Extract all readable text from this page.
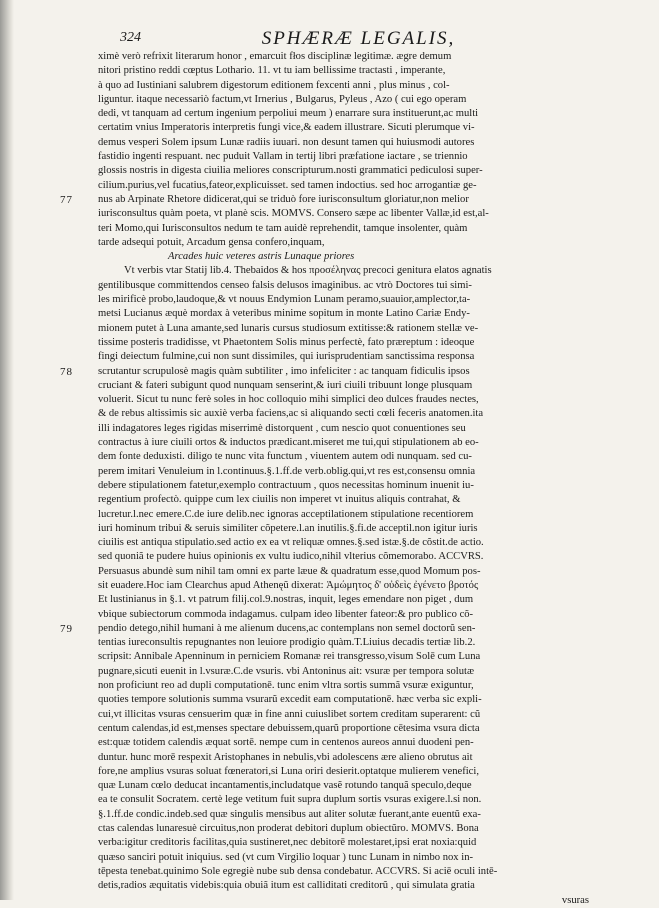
324	SPHÆRÆ LEGALIS,
ximè verò refrixit literarum honor , emarcuit fłos disciplinæ legitimæ. ægre demum
nitori pristino reddi cœptus Lothario. 11. vt tu iam bellissime tractasti , imperante,
à quo ad Iustiniani salubrem digestorum editionem fexcenti anni , plus minus , col-
liguntur. itaque necessariò factum,vt Irnerius , Bulgarus, Pyleus , Azo ( cui ego operam
dedi, vt tanquam ad certum ingenium perpoliui meum ) enarrare sura instituerunt,ac multi
certatim vnius Imperatoris interpretis fungi vice,& eadem illustrare. Sicuti plerumque vi-
demus vesperi Solem ipsum Lunæ radiis iuuari. non desunt tamen qui huiusmodi autores
fastidio ingenti respuant. nec puduit Vallam in tertij libri præfatione iactare , se triennio
glossis nostris in digesta ciuilia meliores conscripturum.nosti grammatici pediculosi super-
cilium.purius,vel fucatius,fateor,explicuisset. sed tamen indoctius. sed hoc arrogantiæ ge-
nus ab Arpinate Rhetore didicerat,qui se triduò fore iurisconsultum gloriatur,non melior
77
iurisconsultus quàm poeta, vt planè scis. MOMVS. Consero sæpe ac libenter Vallæ,id est,al-
teri Momo,qui Iurisconsultos nedum te tam auidè reprehendit, tamque insolenter, quàm
tarde adsequi potuit, Arcadum gensa confero,inquam,
Arcades huic veteres astris Lunaque priores
Vt verbis vtar Statij lib.4. Thebaidos & hos προσέληνας precoci genitura elatos agnatis
gentilibusque committendos censeo falsis delusos imaginibus. ac vtrò Doctores tui simi-
les mirificè probo,laudoque,& vt nouus Endymion Lunam peramo,suauior,amplector,ta-
metsi Lucianus æquè mordax à veteribus minime sopitum in monte Latino Cariæ Endy-
mionem putet à Luna amante,sed lunaris cursus studiosum extitisse:& rationem stellæ ve-
tissime posteris tradidisse, vt Phaetontem Solis minus perfectè, fato præreptum : ideoque
fingi deiectum fulmine,cui non sunt dissimiles, qui iurisprudentiam sanctissima responsa
scrutantur scrupulosè magis quàm subtiliter , imo infeliciter : ac tanquam fidiculis ipsos
78
cruciant & fateri subigunt quod nunquam senserint,& iuri ciuili tribuunt longe plusquam
voluerit. Sicut tu nunc ferè soles in hoc colloquio mihi simplici deo dulces fraudes nectes,
& de rebus altissimis sic auxiè verba faciens,ac si aliquando secti cœli feceris anatomen.ita
illi indagatores leges rigidas miserrimè distorquent , cum nescio quot conuentiones seu
contractus à iure ciuili ortos & inductos prædicant.miseret me tui,qui stipulationem ab eo-
dem fonte deduxisti. diligo te nunc vita functum , viuentem autem odi nunquam. sed cu-
perem imitari Venuleium in l.continuus.§.1.ff.de verb.oblig.qui,vt res est,consensu omnia
debere stipulationem fatetur,exemplo contractuum , quos necessitas hominum inuenit iu-
regentium profectò. quippe cum lex ciuilis non imperet vt inuitus aliquis contrahat, &
lucretur.l.nec emere.C.de iure delib.nec ignoras acceptilationem stipulatione recentiorem
iuri hominum tribui & seruis similiter cõpetere.l.an inutilis.§.fi.de acceptil.non igitur iuris
ciuilis est antiqua stipulatio.sed actio ex ea vt reliquæ omnes.§.sed istæ.§.de cõstit.de actio.
sed quoniã te pudere huius opinionis ex vultu iudico,nihil vlterius cõmemorabo. ACCVRS.
Persuasus abundè sum nihil tam omni ex parte læue & quadratum esse,quod Momum pos-
sit euadere.Hoc iam Clearchus apud Athenęũ dixerat: Ἀμώμητος δ' οὐδεὶς ἐγένετο βροτός
Et lustinianus in §.1. vt patrum filij.col.9.nostras, inquit, leges emendare non piget , dum
vbique subiectorum commoda indagamus. culpam ideo libenter fateor:& pro publico cõ-
pendio detego,nihil humani à me alienum ducens,ac contemplans non semel doctorũ sen-
79
tentias iureconsultis repugnantes non leuiore prodigio quàm.T.Liuius decadis tertiæ lib.2.
scripsit: Annibale Apenninum in perniciem Romanæ rei transgresso,visum Solē cum Luna
pugnare,sicuti euenit in l.vsuræ.C.de vsuris. vbi Antoninus ait: vsuræ per tempora solutæ
non proficiunt reo ad dupli computationē. tunc enim vltra sortis summã vsuræ exiguntur,
quoties tempore solutionis summa vsurarũ excedit eam computationē. hæc verba sic expli-
cui,vt illicitas vsuras censuerim quæ in fine anni cuiuslibet sortem creditam superarent: cũ
centum calendas,id est,menses spectare debuissem,quarũ proportione cētesima vsura dicta
est:quæ totidem calendis æquat sortē. nempe cum in centenos aureos annui duodeni pen-
duntur. hunc morē respexit Aristophanes in nebulis,vbi adolescens ære alieno obrutus ait
fore,ne amplius vsuras soluat fœneratori,si Luna oriri desierit.optatque mulierem venefici,
quæ Lunam cœlo deducat incantamentis,includatque vasẽ rotundo tanquã speculo,deque
ea te consulit Socratem. certè lege vetitum fuit supra duplum sortis vsuras exigere.l.si non.
§.1.ff.de condic.indeb.sed quæ singulis mensibus aut aliter solutæ fuerant,ante euentũ exa-
ctas calendas lunaresuè circuitus,non proderat debitori duplum obiectũro. MOMVS. Bona
verba:igitur creditoris facilitas,quia sustineret,nec debitorē molestaret,ipsi erat noxia:quid
quæso sanciri potuit iniquius. sed (vt cum Virgilio loquar ) tunc Lunam in nimbo nox in-
tēpesta tenebat.quinimo Sole egregiè nube sub densa condebatur. ACCVRS. Si aciē oculi intē-
detis,radios æquitatis videbis:quia obuiã itum est calliditati creditorũ , qui simulata gratia
vsuras
